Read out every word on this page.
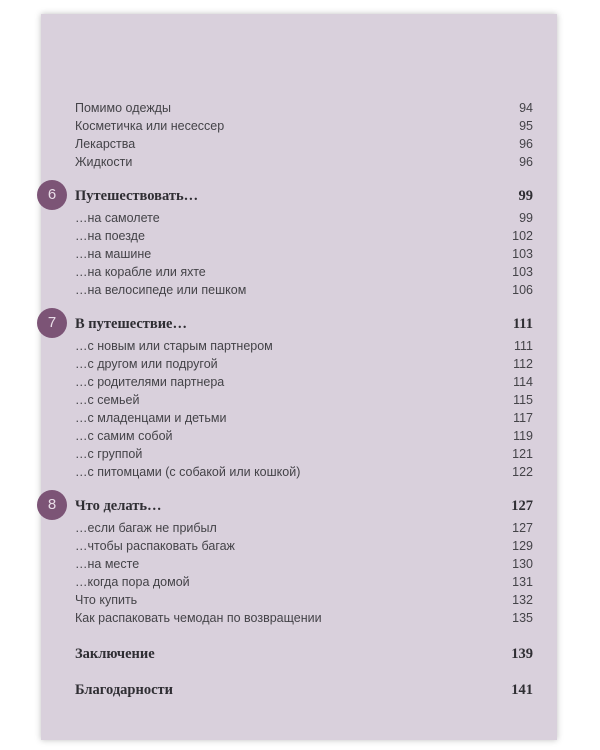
Помимо одежды	94
Косметичка или несессер	95
Лекарства	96
Жидкости	96
6	Путешествовать…	99
…на самолете	99
…на поезде	102
…на машине	103
…на корабле или яхте	103
…на велосипеде или пешком	106
7	В путешествие…	111
…с новым или старым партнером	111
…с другом или подругой	112
…с родителями партнера	114
…с семьей	115
…с младенцами и детьми	117
…с самим собой	119
…с группой	121
…с питомцами (с собакой или кошкой)	122
8	Что делать…	127
…если багаж не прибыл	127
…чтобы распаковать багаж	129
…на месте	130
…когда пора домой	131
Что купить	132
Как распаковать чемодан по возвращении	135
Заключение	139
Благодарности	141
